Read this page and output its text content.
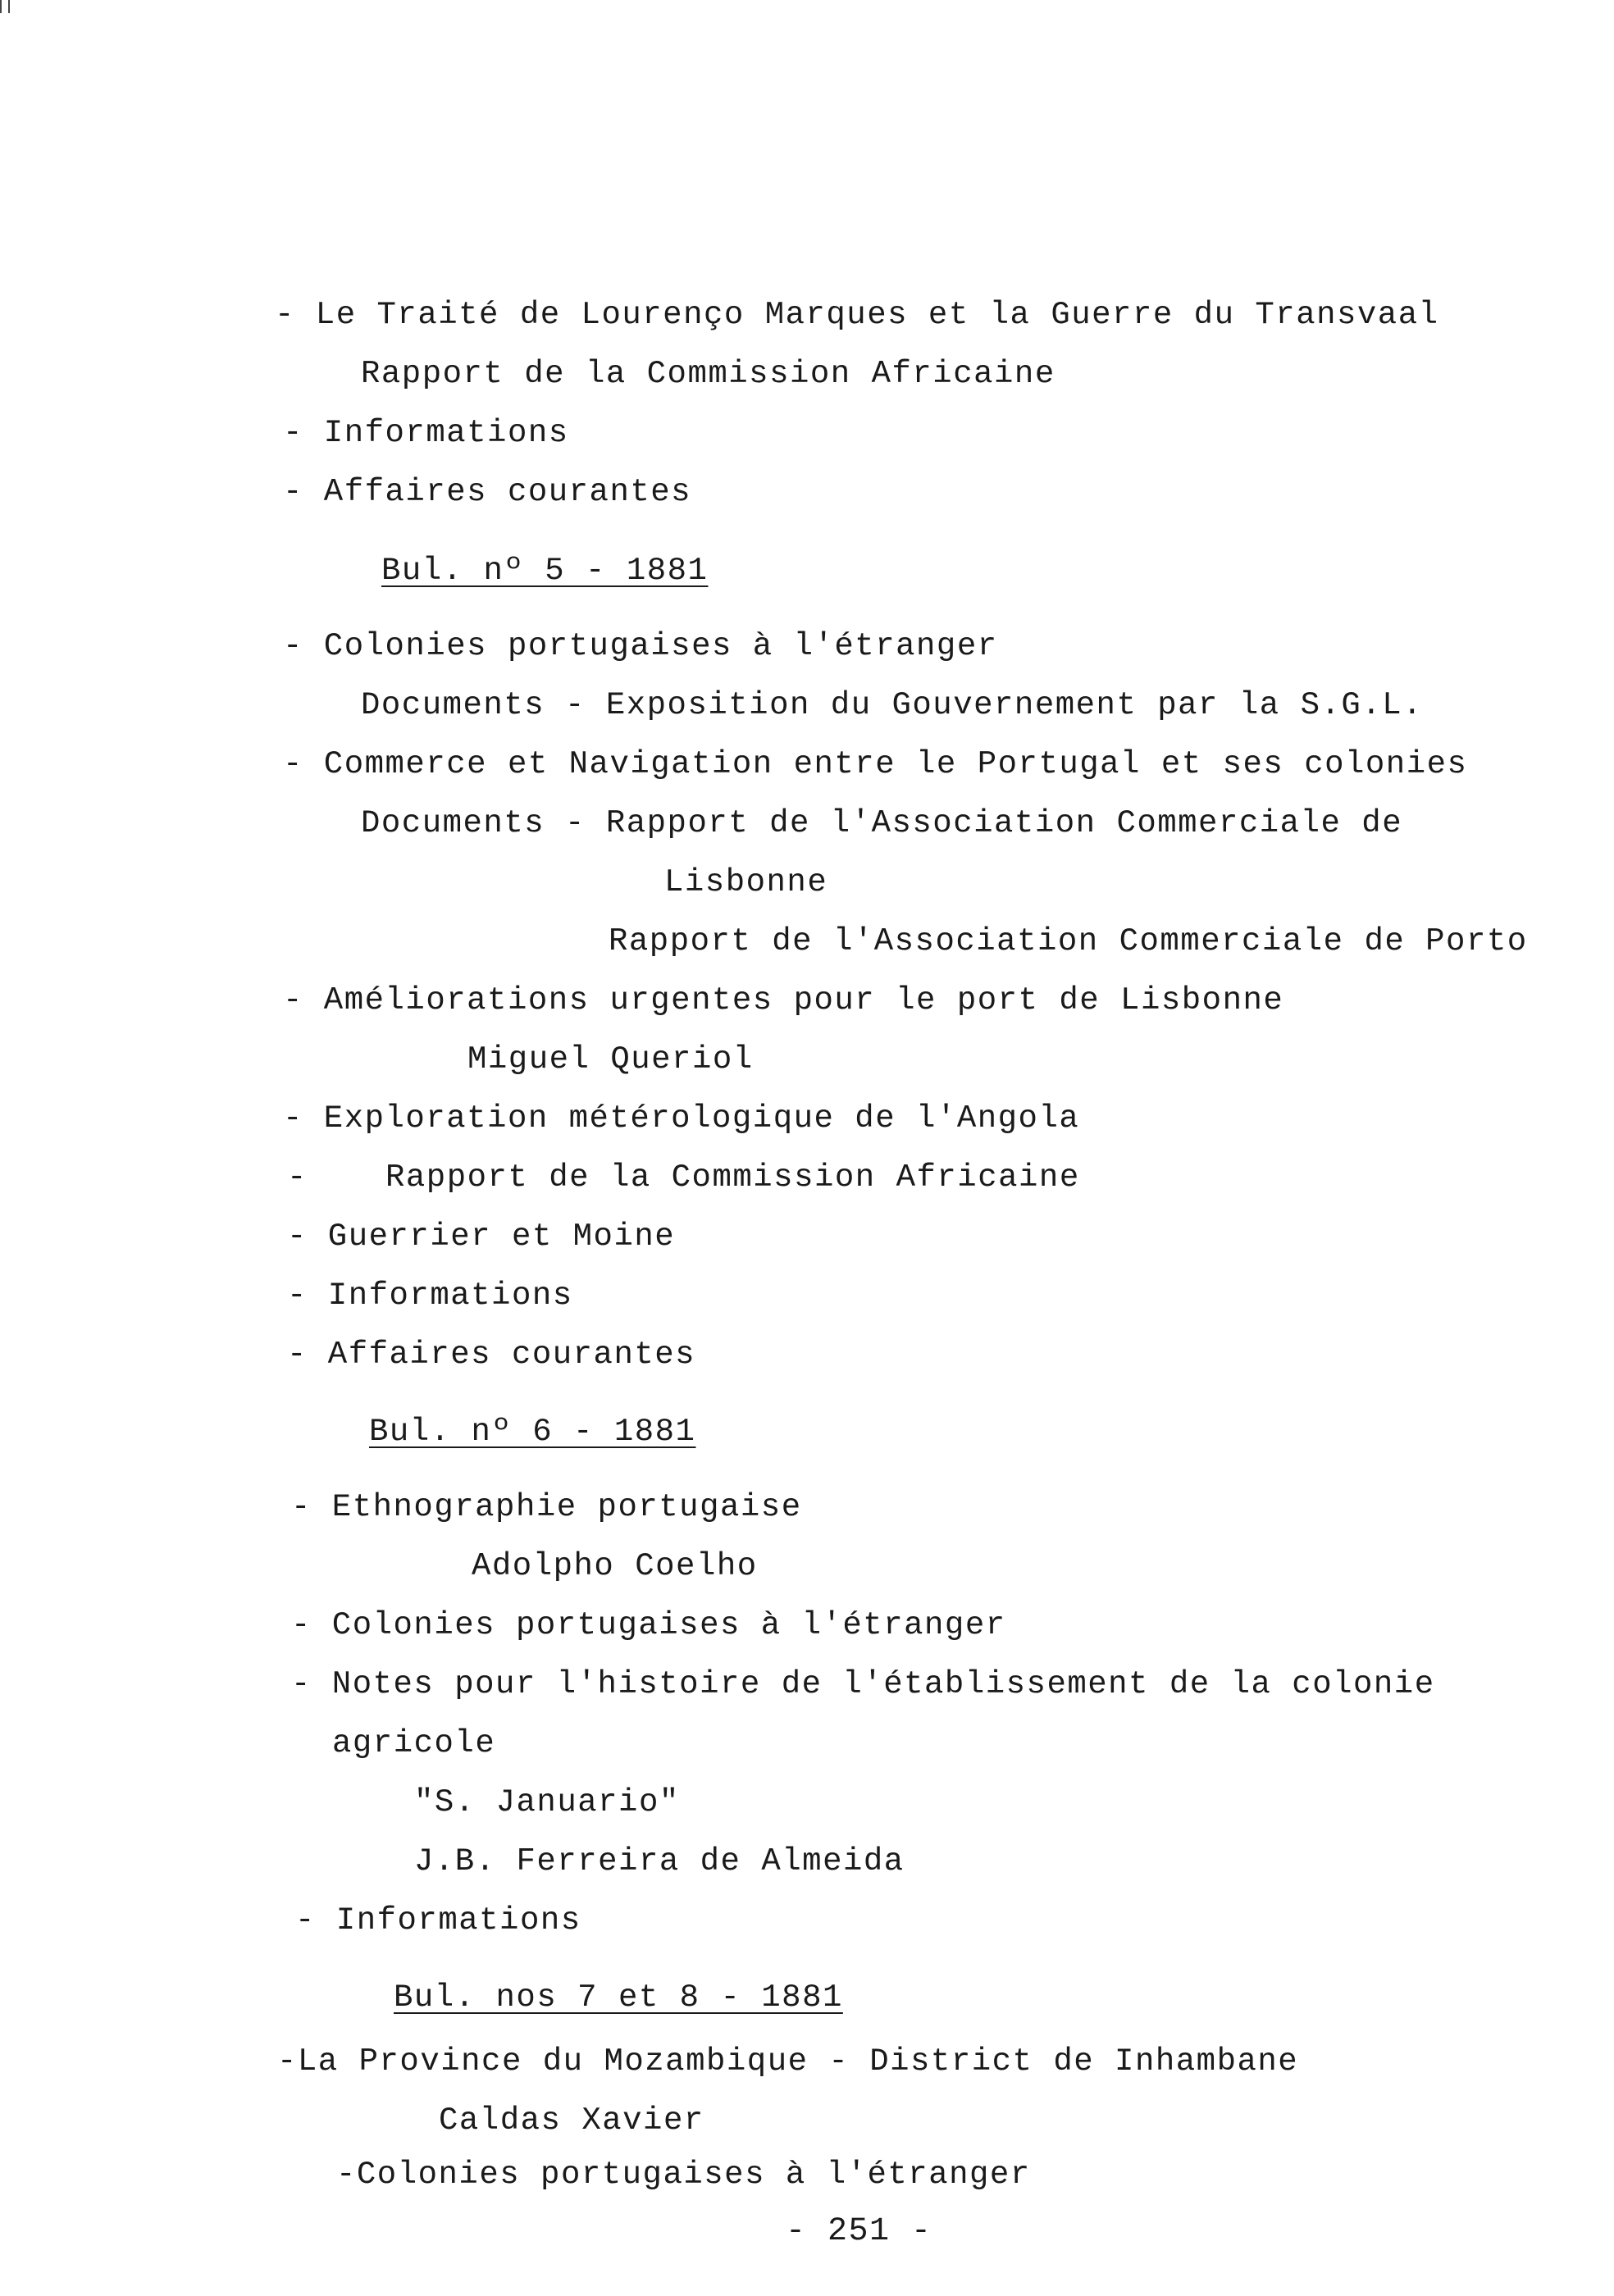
- Le Traité de Lourenço Marques et la Guerre du Transvaal
Rapport de la Commission Africaine
- Informations
- Affaires courantes
Bul. nº 5 - 1881
- Colonies portugaises à l'étranger
Documents - Exposition du Gouvernement par la S.G.L.
- Commerce et Navigation entre le Portugal et ses colonies
Documents - Rapport de l'Association Commerciale de
Lisbonne
Rapport de l'Association Commerciale de Porto
- Améliorations urgentes pour le port de Lisbonne
Miguel Queriol
- Exploration métérologique de l'Angola
- Rapport de la Commission Africaine
- Guerrier et Moine
- Informations
- Affaires courantes
Bul. nº 6 - 1881
- Ethnographie portugaise
Adolpho Coelho
- Colonies portugaises à l'étranger
- Notes pour l'histoire de l'établissement de la colonie
agricole
"S. Januario"
J.B. Ferreira de Almeida
- Informations
Bul. nos 7 et 8 - 1881
-La Province du Mozambique - District de Inhambane
Caldas Xavier
-Colonies portugaises à l'étranger
- 251 -
